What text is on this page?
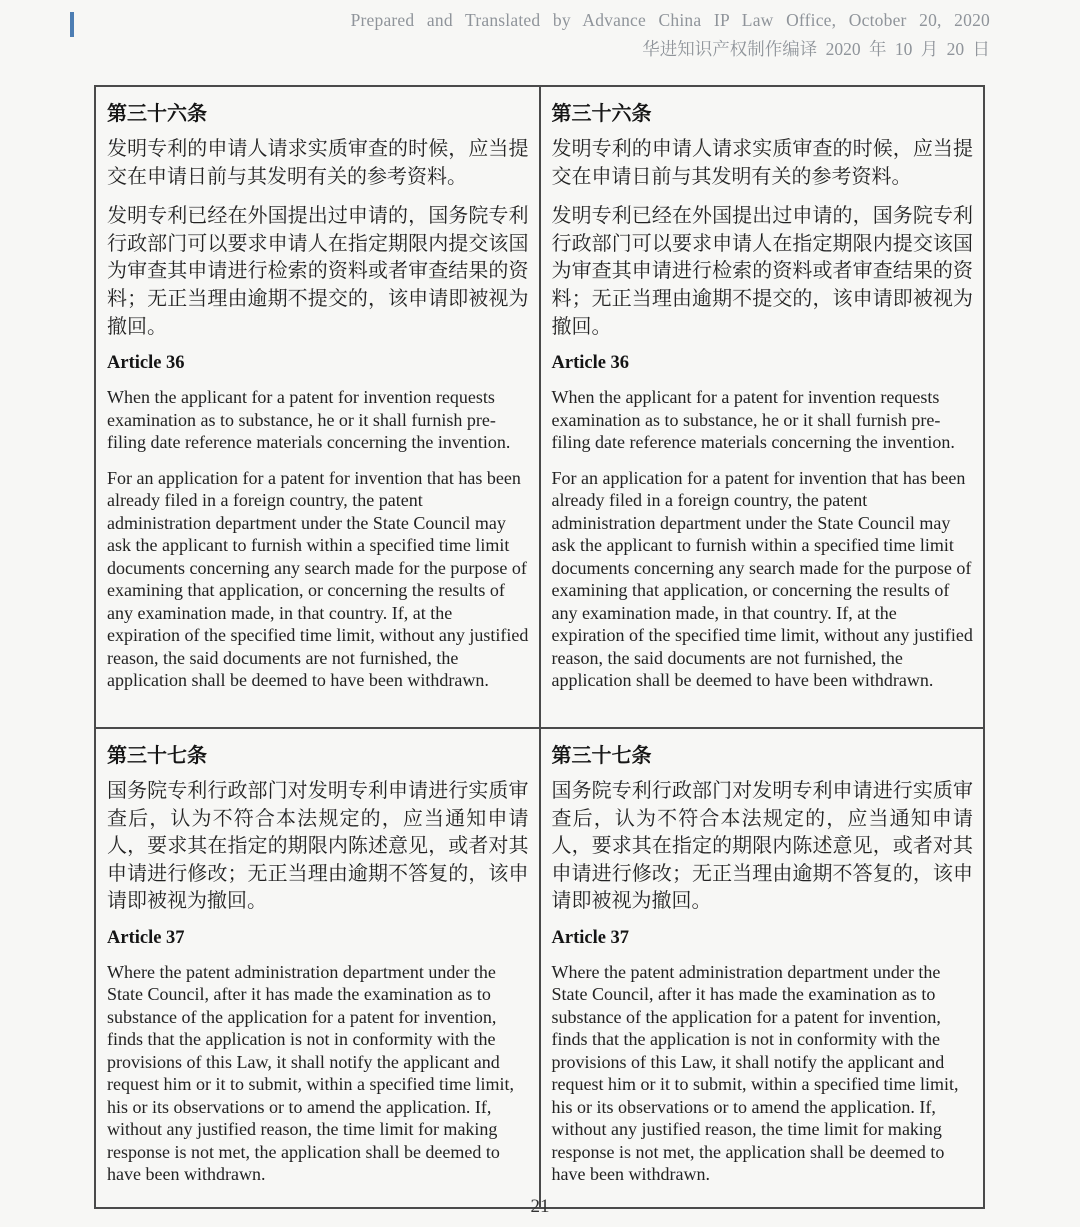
Prepared and Translated by Advance China IP Law Office, October 20, 2020
华进知识产权制作编译 2020 年 10 月 20 日

第三十六条

发明专利的申请人请求实质审查的时候，应当提交在申请日前与其发明有关的参考资料。

发明专利已经在外国提出过申请的，国务院专利行政部门可以要求申请人在指定期限内提交该国为审查其申请进行检索的资料或者审查结果的资料；无正当理由逾期不提交的，该申请即被视为撤回。

Article 36

When the applicant for a patent for invention requests examination as to substance, he or it shall furnish pre-filing date reference materials concerning the invention.

For an application for a patent for invention that has been already filed in a foreign country, the patent administration department under the State Council may ask the applicant to furnish within a specified time limit documents concerning any search made for the purpose of examining that application, or concerning the results of any examination made, in that country. If, at the expiration of the specified time limit, without any justified reason, the said documents are not furnished, the application shall be deemed to have been withdrawn.

第三十六条

发明专利的申请人请求实质审查的时候，应当提交在申请日前与其发明有关的参考资料。

发明专利已经在外国提出过申请的，国务院专利行政部门可以要求申请人在指定期限内提交该国为审查其申请进行检索的资料或者审查结果的资料；无正当理由逾期不提交的，该申请即被视为撤回。

Article 36

When the applicant for a patent for invention requests examination as to substance, he or it shall furnish pre-filing date reference materials concerning the invention.

For an application for a patent for invention that has been already filed in a foreign country, the patent administration department under the State Council may ask the applicant to furnish within a specified time limit documents concerning any search made for the purpose of examining that application, or concerning the results of any examination made, in that country. If, at the expiration of the specified time limit, without any justified reason, the said documents are not furnished, the application shall be deemed to have been withdrawn.

第三十七条

国务院专利行政部门对发明专利申请进行实质审查后，认为不符合本法规定的，应当通知申请人，要求其在指定的期限内陈述意见，或者对其申请进行修改；无正当理由逾期不答复的，该申请即被视为撤回。

Article 37

Where the patent administration department under the State Council, after it has made the examination as to substance of the application for a patent for invention, finds that the application is not in conformity with the provisions of this Law, it shall notify the applicant and request him or it to submit, within a specified time limit, his or its observations or to amend the application. If, without any justified reason, the time limit for making response is not met, the application shall be deemed to have been withdrawn.

第三十七条

国务院专利行政部门对发明专利申请进行实质审查后，认为不符合本法规定的，应当通知申请人，要求其在指定的期限内陈述意见，或者对其申请进行修改；无正当理由逾期不答复的，该申请即被视为撤回。

Article 37

Where the patent administration department under the State Council, after it has made the examination as to substance of the application for a patent for invention, finds that the application is not in conformity with the provisions of this Law, it shall notify the applicant and request him or it to submit, within a specified time limit, his or its observations or to amend the application. If, without any justified reason, the time limit for making response is not met, the application shall be deemed to have been withdrawn.

21
